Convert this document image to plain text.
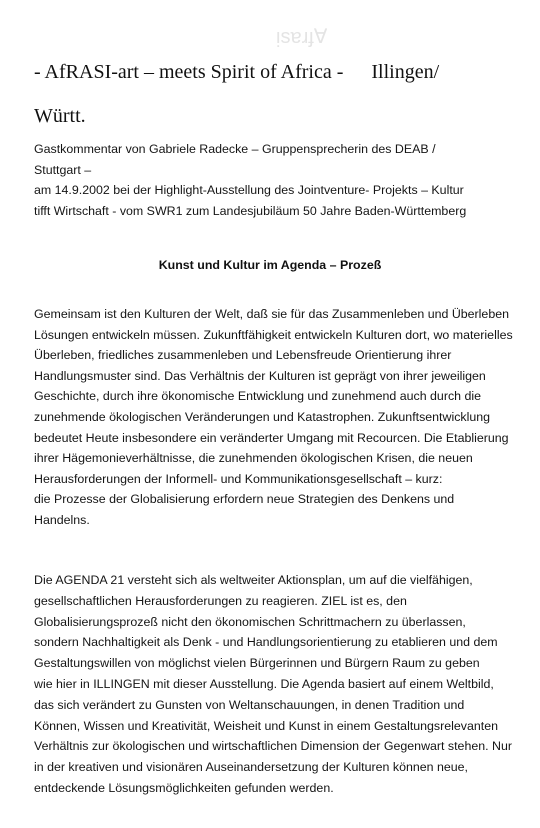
ᴉsɐɹɟ∀
- AfRASI-art – meets Spirit of Africa - Illingen/
Württ.
Gastkommentar von Gabriele Radecke – Gruppensprecherin des DEAB /
Stuttgart –
am 14.9.2002 bei der Highlight-Ausstellung des Jointventure- Projekts – Kultur
tifft Wirtschaft - vom SWR1 zum Landesjubiläum 50 Jahre Baden-Württemberg
Kunst und Kultur im Agenda – Prozeß
Gemeinsam ist den Kulturen der Welt, daß sie für das Zusammenleben und Überleben
Lösungen entwickeln müssen. Zukunftfähigkeit entwickeln Kulturen dort, wo materielles
Überleben, friedliches zusammenleben und Lebensfreude Orientierung ihrer
Handlungsmuster sind. Das Verhältnis der Kulturen ist geprägt von ihrer jeweiligen
Geschichte, durch ihre ökonomische Entwicklung und zunehmend auch durch die
zunehmende ökologischen Veränderungen und Katastrophen. Zukunftsentwicklung
bedeutet Heute insbesondere ein veränderter Umgang mit Recourcen. Die Etablierung
ihrer Hägemonieverhältnisse, die zunehmenden ökologischen Krisen, die neuen
Herausforderungen der Informell- und Kommunikationsgesellschaft – kurz:
die Prozesse der Globalisierung erfordern neue Strategien des Denkens und
Handelns.
Die AGENDA 21 versteht sich als weltweiter Aktionsplan, um auf die vielfähigen,
gesellschaftlichen Herausforderungen zu reagieren. ZIEL ist es, den
Globalisierungsprozeß nicht den ökonomischen Schrittmachern zu überlassen,
sondern Nachhaltigkeit als Denk - und Handlungsorientierung zu etablieren und dem
Gestaltungswillen von möglichst vielen Bürgerinnen und Bürgern Raum zu geben
wie hier in ILLINGEN mit dieser Ausstellung. Die Agenda basiert auf einem Weltbild,
das sich verändert zu Gunsten von Weltanschauungen, in denen Tradition und
Können, Wissen und Kreativität, Weisheit und Kunst in einem Gestaltungsrelevanten
Verhältnis zur ökologischen und wirtschaftlichen Dimension der Gegenwart stehen. Nur
in der kreativen und visionären Auseinandersetzung der Kulturen können neue,
entdeckende Lösungsmöglichkeiten gefunden werden.
